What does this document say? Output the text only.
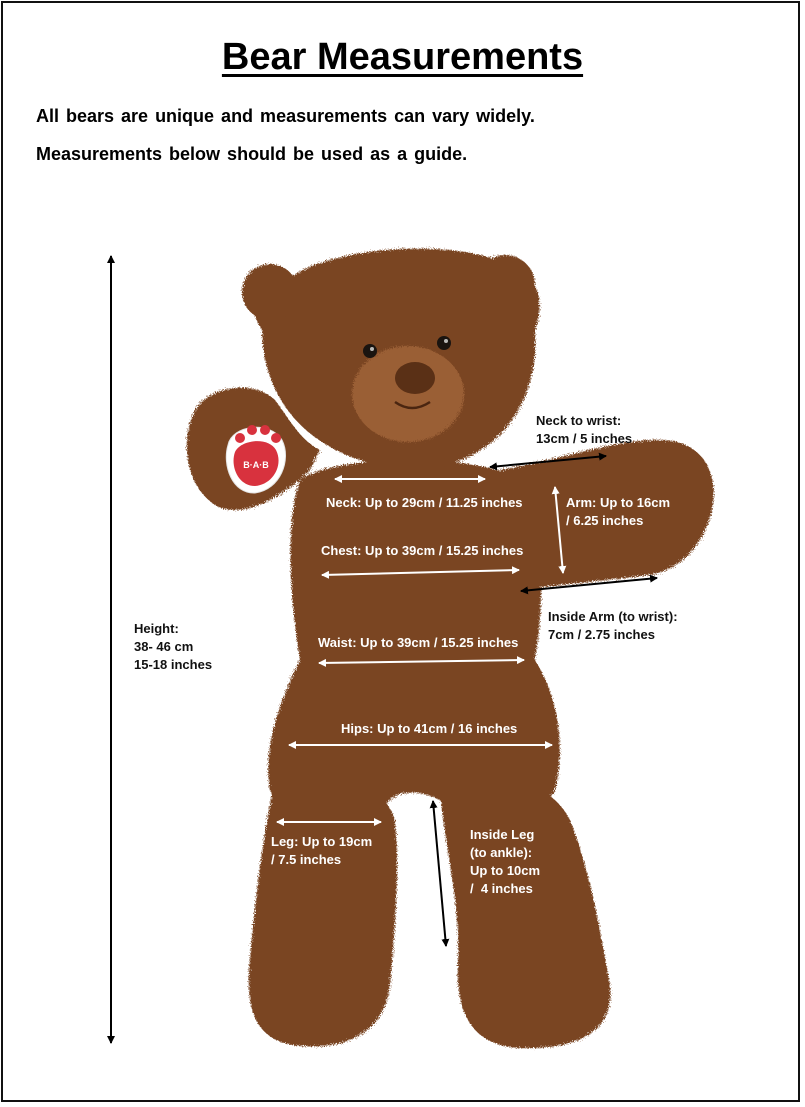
Bear Measurements
All bears are unique and measurements can vary widely.
Measurements below should be used as a guide.
B·A·B
Height:
38- 46 cm
15-18 inches
Neck to wrist:
13cm / 5 inches
Neck: Up to 29cm / 11.25 inches	Arm: Up to 16cm
/ 6.25 inches
Chest: Up to 39cm / 15.25 inches
Inside Arm (to wrist):
7cm / 2.75 inches
Waist: Up to 39cm / 15.25 inches
Hips: Up to 41cm / 16 inches
Leg: Up to 19cm
/ 7.5 inches
Inside Leg
(to ankle):
Up to 10cm
/  4 inches
